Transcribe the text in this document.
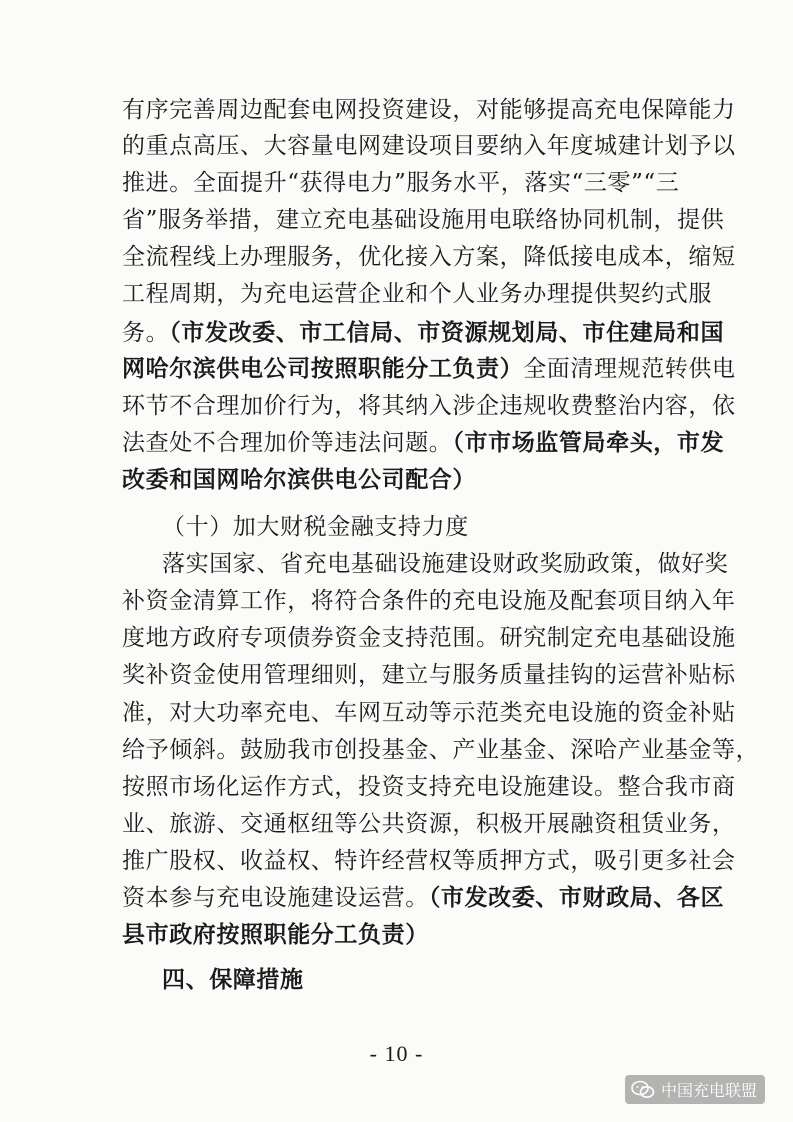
有序完善周边配套电网投资建设，对能够提高充电保障能力
的重点高压、大容量电网建设项目要纳入年度城建计划予以
推进。全面提升“获得电力”服务水平，落实“三零”“三
省”服务举措，建立充电基础设施用电联络协同机制，提供
全流程线上办理服务，优化接入方案，降低接电成本，缩短
工程周期，为充电运营企业和个人业务办理提供契约式服
务。（市发改委、市工信局、市资源规划局、市住建局和国
网哈尔滨供电公司按照职能分工负责）全面清理规范转供电
环节不合理加价行为，将其纳入涉企违规收费整治内容，依
法查处不合理加价等违法问题。（市市场监管局牵头，市发
改委和国网哈尔滨供电公司配合）
（十）加大财税金融支持力度
落实国家、省充电基础设施建设财政奖励政策，做好奖
补资金清算工作，将符合条件的充电设施及配套项目纳入年
度地方政府专项债券资金支持范围。研究制定充电基础设施
奖补资金使用管理细则，建立与服务质量挂钩的运营补贴标
准，对大功率充电、车网互动等示范类充电设施的资金补贴
给予倾斜。鼓励我市创投基金、产业基金、深哈产业基金等，
按照市场化运作方式，投资支持充电设施建设。整合我市商
业、旅游、交通枢纽等公共资源，积极开展融资租赁业务，
推广股权、收益权、特许经营权等质押方式，吸引更多社会
资本参与充电设施建设运营。（市发改委、市财政局、各区
县市政府按照职能分工负责）
四、保障措施
- 10 -
中国充电联盟
